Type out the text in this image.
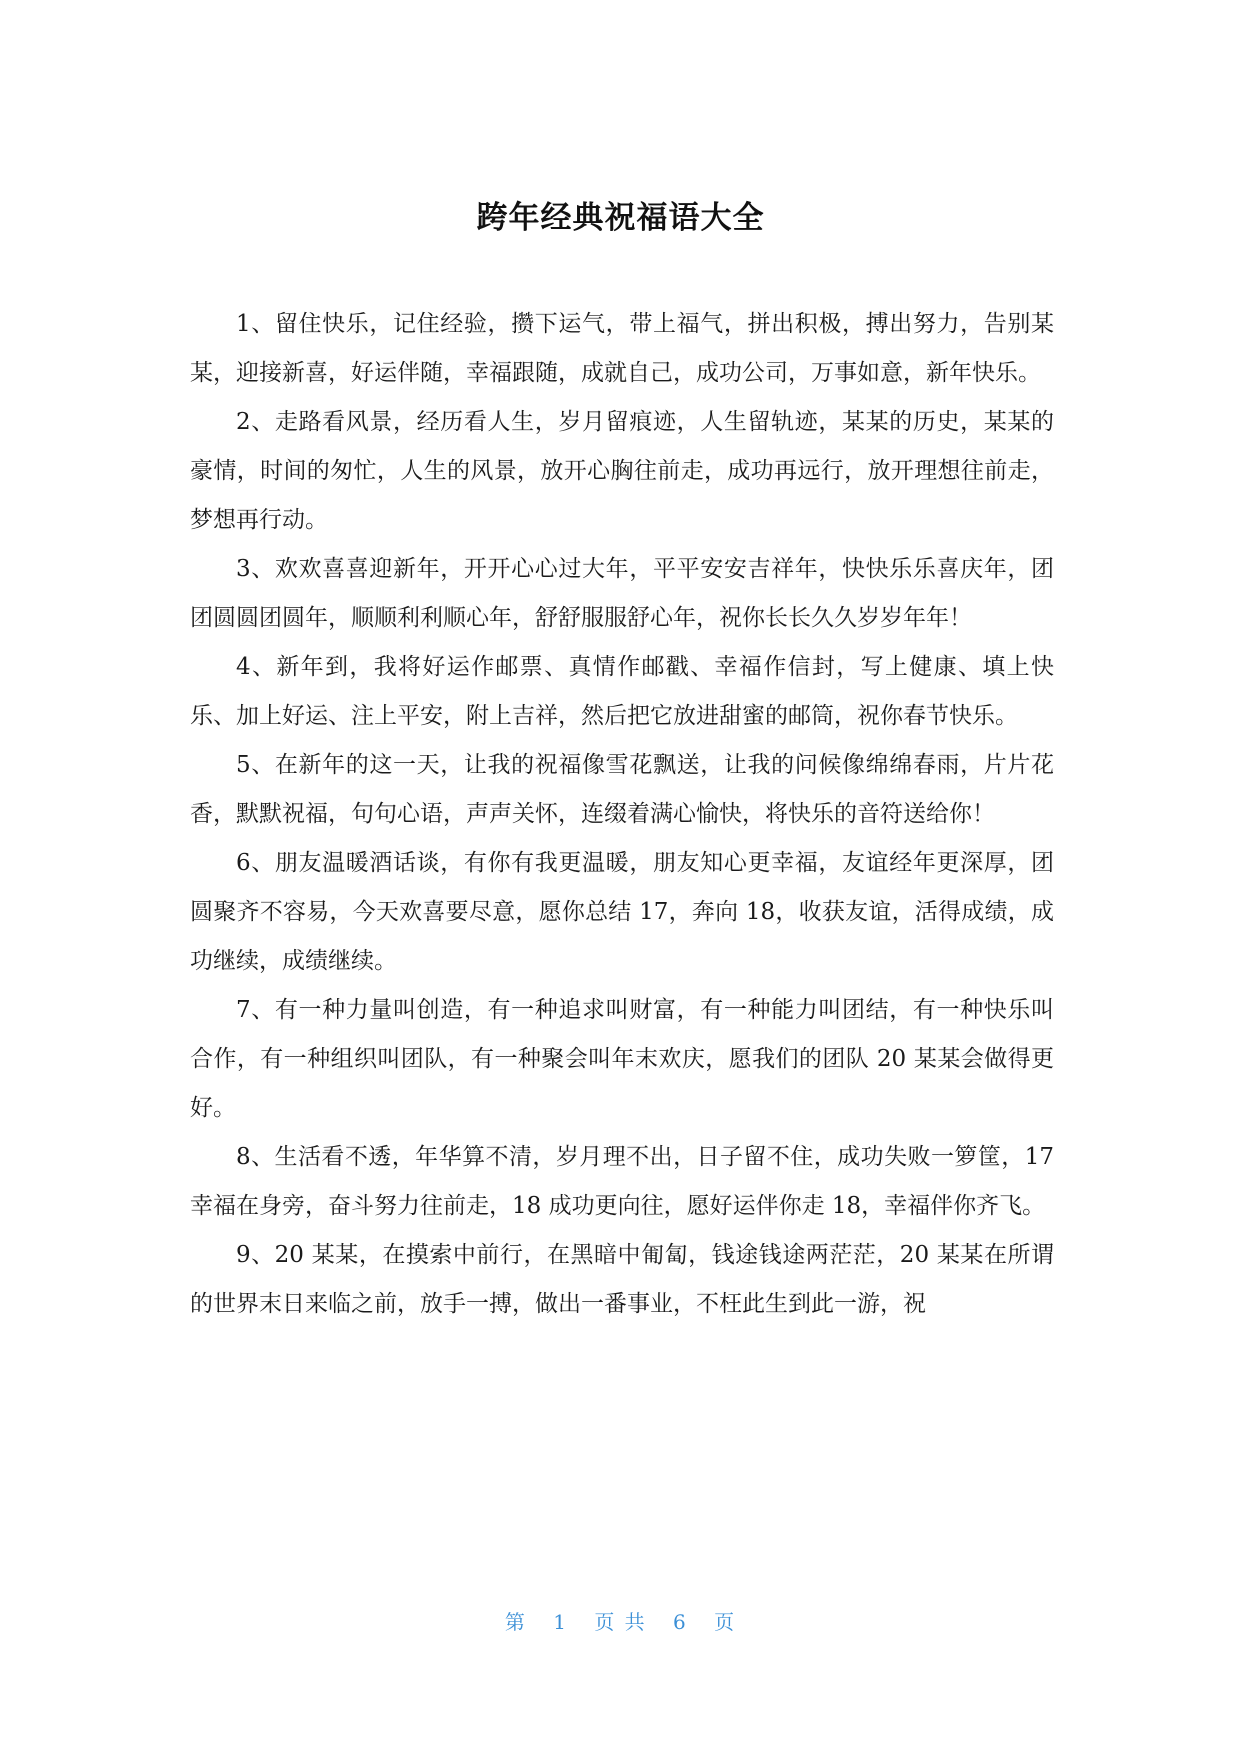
跨年经典祝福语大全

1、留住快乐，记住经验，攒下运气，带上福气，拼出积极，搏出努力，告别某某，迎接新喜，好运伴随，幸福跟随，成就自己，成功公司，万事如意，新年快乐。

2、走路看风景，经历看人生，岁月留痕迹，人生留轨迹，某某的历史，某某的豪情，时间的匆忙，人生的风景，放开心胸往前走，成功再远行，放开理想往前走，梦想再行动。

3、欢欢喜喜迎新年，开开心心过大年，平平安安吉祥年，快快乐乐喜庆年，团团圆圆团圆年，顺顺利利顺心年，舒舒服服舒心年，祝你长长久久岁岁年年！

4、新年到，我将好运作邮票、真情作邮戳、幸福作信封，写上健康、填上快乐、加上好运、注上平安，附上吉祥，然后把它放进甜蜜的邮筒，祝你春节快乐。

5、在新年的这一天，让我的祝福像雪花飘送，让我的问候像绵绵春雨，片片花香，默默祝福，句句心语，声声关怀，连缀着满心愉快，将快乐的音符送给你！

6、朋友温暖酒话谈，有你有我更温暖，朋友知心更幸福，友谊经年更深厚，团圆聚齐不容易，今天欢喜要尽意，愿你总结 17，奔向 18，收获友谊，活得成绩，成功继续，成绩继续。

7、有一种力量叫创造，有一种追求叫财富，有一种能力叫团结，有一种快乐叫合作，有一种组织叫团队，有一种聚会叫年末欢庆，愿我们的团队 20 某某会做得更好。

8、生活看不透，年华算不清，岁月理不出，日子留不住，成功失败一箩筐，17 幸福在身旁，奋斗努力往前走，18 成功更向往，愿好运伴你走 18，幸福伴你齐飞。

9、20 某某，在摸索中前行，在黑暗中匍匐，钱途钱途两茫茫，20 某某在所谓的世界末日来临之前，放手一搏，做出一番事业，不枉此生到此一游，祝

第 1 页 共 6 页
